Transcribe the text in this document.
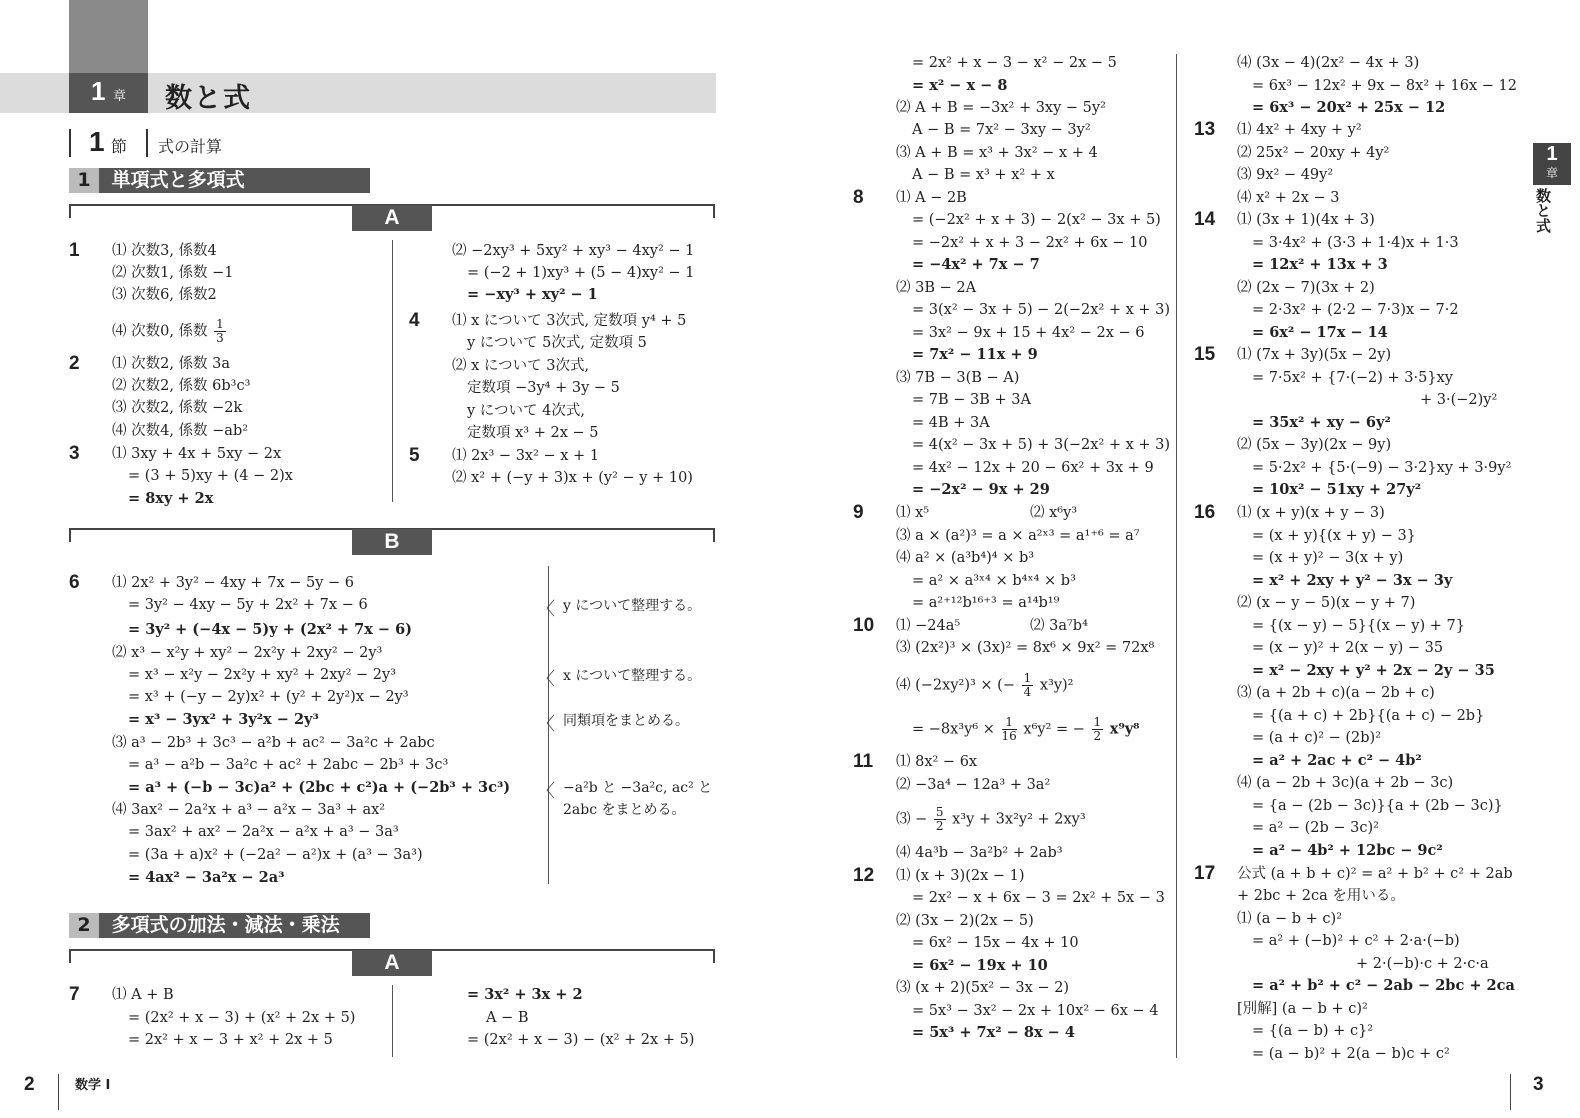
1 章 数と式
1 節 式の計算
1 単項式と多項式
A
1 ⑴ 次数3, 係数4
⑵ 次数1, 係数 −1
⑶ 次数6, 係数2
⑷ 次数0, 係数 $\frac{1}{3}$
2 ⑴ 次数2, 係数 3a
⑵ 次数2, 係数 6b³c³
⑶ 次数2, 係数 −2k
⑷ 次数4, 係数 −ab²
3 ⑴ 3xy + 4x + 5xy − 2x
= (3 + 5)xy + (4 − 2)x
= 8xy + 2x
⑵ −2xy³ + 5xy² + xy³ − 4xy² − 1
= (−2 + 1)xy³ + (5 − 4)xy² − 1
= −xy³ + xy² − 1
4 ⑴ x について 3次式, 定数項 y⁴ + 5
y について 5次式, 定数項 5
⑵ x について 3次式,
定数項 −3y⁴ + 3y − 5
y について 4次式,
定数項 x³ + 2x − 5
5 ⑴ 2x³ − 3x² − x + 1
⑵ x² + (−y + 3)x + (y² − y + 10)
B
6 ⑴ 2x² + 3y² − 4xy + 7x − 5y − 6
= 3y² − 4xy − 5y + 2x² + 7x − 6
= 3y² + (−4x − 5)y + (2x² + 7x − 6)
⑵ x³ − x²y + xy² − 2x²y + 2xy² − 2y³
= x³ − x²y − 2x²y + xy² + 2xy² − 2y³
= x³ + (−y − 2y)x² + (y² + 2y²)x − 2y³
= x³ − 3yx² + 3y²x − 2y³
⑶ a³ − 2b³ + 3c³ − a²b + ac² − 3a²c + 2abc
= a³ − a²b − 3a²c + ac² + 2abc − 2b³ + 3c³
= a³ + (−b − 3c)a² + (2bc + c²)a + (−2b³ + 3c³)
⑷ 3ax² − 2a²x + a³ − a²x − 3a³ + ax²
= 3ax² + ax² − 2a²x − a²x + a³ − 3a³
= (3a + a)x² + (−2a² − a²)x + (a³ − 3a³)
= 4ax² − 3a²x − 2a³
〈 y について整理する。
〈 x について整理する。
〈 同類項をまとめる。
〈 −a²b と −3a²c, ac² と
2abc をまとめる。
2 多項式の加法・減法・乗法
A
7 ⑴ A + B
= (2x² + x − 3) + (x² + 2x + 5)
= 2x² + x − 3 + x² + 2x + 5
= 3x² + 3x + 2
A − B
= (2x² + x − 3) − (x² + 2x + 5)
2	数学 I
= 2x² + x − 3 − x² − 2x − 5
= x² − x − 8
⑵ A + B = −3x² + 3xy − 5y²
A − B = 7x² − 3xy − 3y²
⑶ A + B = x³ + 3x² − x + 4
A − B = x³ + x² + x
8 ⑴ A − 2B
= (−2x² + x + 3) − 2(x² − 3x + 5)
= −2x² + x + 3 − 2x² + 6x − 10
= −4x² + 7x − 7
⑵ 3B − 2A
= 3(x² − 3x + 5) − 2(−2x² + x + 3)
= 3x² − 9x + 15 + 4x² − 2x − 6
= 7x² − 11x + 9
⑶ 7B − 3(B − A)
= 7B − 3B + 3A
= 4B + 3A
= 4(x² − 3x + 5) + 3(−2x² + x + 3)
= 4x² − 12x + 20 − 6x² + 3x + 9
= −2x² − 9x + 29
9 ⑴ x⁵	⑵ x⁶y³
⑶ a × (a²)³ = a × a²ˣ³ = a¹⁺⁶ = a⁷
⑷ a² × (a³b⁴)⁴ × b³
= a² × a³ˣ⁴ × b⁴ˣ⁴ × b³
= a²⁺¹²b¹⁶⁺³ = a¹⁴b¹⁹
10 ⑴ −24a⁵	⑵ 3a⁷b⁴
⑶ (2x²)³ × (3x)² = 8x⁶ × 9x² = 72x⁸
⑷ (−2xy²)³ × (− $\frac{1}{4} x^3y)^2$
= $-8x^3y^6 \times \frac{1}{16} x^6y^2$ = − $\frac{1}{2} x^9y^8$
11 ⑴ 8x² − 6x
⑵ −3a⁴ − 12a³ + 3a²
⑶ − $\frac{5}{2} x^3y + 3x^2y^2 + 2xy^3$
⑷ 4a³b − 3a²b² + 2ab³
12 ⑴ (x + 3)(2x − 1)
= 2x² − x + 6x − 3 = 2x² + 5x − 3
⑵ (3x − 2)(2x − 5)
= 6x² − 15x − 4x + 10
= 6x² − 19x + 10
⑶ (x + 2)(5x² − 3x − 2)
= 5x³ − 3x² − 2x + 10x² − 6x − 4
= 5x³ + 7x² − 8x − 4
⑷ (3x − 4)(2x² − 4x + 3)
= 6x³ − 12x² + 9x − 8x² + 16x − 12
= 6x³ − 20x² + 25x − 12
13 ⑴ 4x² + 4xy + y²
⑵ 25x² − 20xy + 4y²
⑶ 9x² − 49y²
⑷ x² + 2x − 3
14 ⑴ (3x + 1)(4x + 3)
= 3·4x² + (3·3 + 1·4)x + 1·3
= 12x² + 13x + 3
⑵ (2x − 7)(3x + 2)
= 2·3x² + (2·2 − 7·3)x − 7·2
= 6x² − 17x − 14
15 ⑴ (7x + 3y)(5x − 2y)
= 7·5x² + {7·(−2) + 3·5}xy
+ 3·(−2)y²
= 35x² + xy − 6y²
⑵ (5x − 3y)(2x − 9y)
= 5·2x² + {5·(−9) − 3·2}xy + 3·9y²
= 10x² − 51xy + 27y²
16 ⑴ (x + y)(x + y − 3)
= (x + y){(x + y) − 3}
= (x + y)² − 3(x + y)
= x² + 2xy + y² − 3x − 3y
⑵ (x − y − 5)(x − y + 7)
= {(x − y) − 5}{(x − y) + 7}
= (x − y)² + 2(x − y) − 35
= x² − 2xy + y² + 2x − 2y − 35
⑶ (a + 2b + c)(a − 2b + c)
= {(a + c) + 2b}{(a + c) − 2b}
= (a + c)² − (2b)²
= a² + 2ac + c² − 4b²
⑷ (a − 2b + 3c)(a + 2b − 3c)
= {a − (2b − 3c)}{a + (2b − 3c)}
= a² − (2b − 3c)²
= a² − 4b² + 12bc − 9c²
17 公式 (a + b + c)² = a² + b² + c² + 2ab
+ 2bc + 2ca を用いる。
⑴ (a − b + c)²
= a² + (−b)² + c² + 2·a·(−b)
+ 2·(−b)·c + 2·c·a
= a² + b² + c² − 2ab − 2bc + 2ca
[別解] (a − b + c)²
= {(a − b) + c}²
= (a − b)² + 2(a − b)c + c²
1
章
数と式
3
